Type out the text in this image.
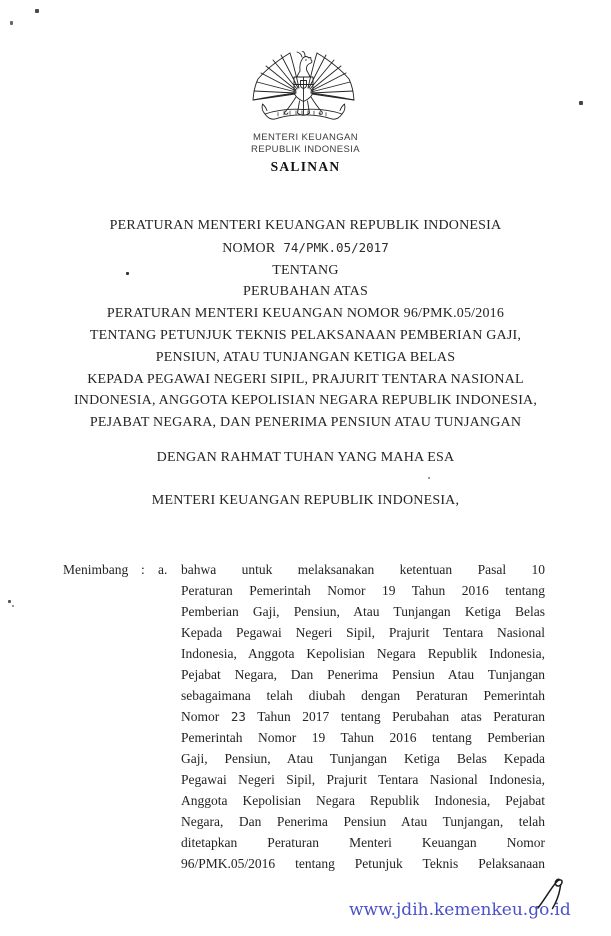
MENTERI KEUANGAN
REPUBLIK INDONESIA
SALINAN
PERATURAN MENTERI KEUANGAN REPUBLIK INDONESIA
NOMOR 74/PMK.05/2017
TENTANG
PERUBAHAN ATAS
PERATURAN MENTERI KEUANGAN NOMOR 96/PMK.05/2016
TENTANG PETUNJUK TEKNIS PELAKSANAAN PEMBERIAN GAJI,
PENSIUN, ATAU TUNJANGAN KETIGA BELAS
KEPADA PEGAWAI NEGERI SIPIL, PRAJURIT TENTARA NASIONAL
INDONESIA, ANGGOTA KEPOLISIAN NEGARA REPUBLIK INDONESIA,
PEJABAT NEGARA, DAN PENERIMA PENSIUN ATAU TUNJANGAN
DENGAN RAHMAT TUHAN YANG MAHA ESA
MENTERI KEUANGAN REPUBLIK INDONESIA,
Menimbang : a. bahwa untuk melaksanakan ketentuan Pasal 10
Peraturan Pemerintah Nomor 19 Tahun 2016 tentang
Pemberian Gaji, Pensiun, Atau Tunjangan Ketiga Belas
Kepada Pegawai Negeri Sipil, Prajurit Tentara Nasional
Indonesia, Anggota Kepolisian Negara Republik Indonesia,
Pejabat Negara, Dan Penerima Pensiun Atau Tunjangan
sebagaimana telah diubah dengan Peraturan Pemerintah
Nomor 23 Tahun 2017 tentang Perubahan atas Peraturan
Pemerintah Nomor 19 Tahun 2016 tentang Pemberian
Gaji, Pensiun, Atau Tunjangan Ketiga Belas Kepada
Pegawai Negeri Sipil, Prajurit Tentara Nasional Indonesia,
Anggota Kepolisian Negara Republik Indonesia, Pejabat
Negara, Dan Penerima Pensiun Atau Tunjangan, telah
ditetapkan Peraturan Menteri Keuangan Nomor
96/PMK.05/2016 tentang Petunjuk Teknis Pelaksanaan
www.jdih.kemenkeu.go.id
